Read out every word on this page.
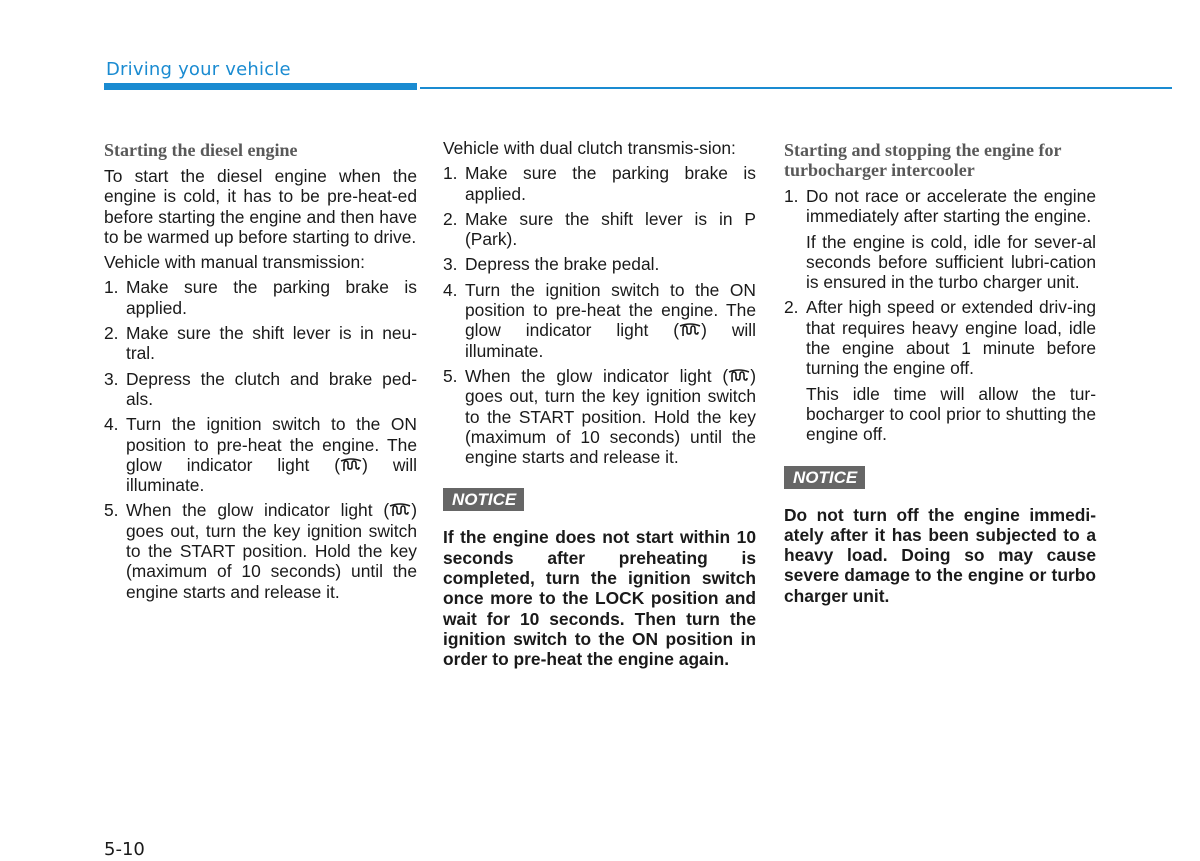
Driving your vehicle
Starting the diesel engine

To start the diesel engine when the engine is cold, it has to be pre-heat-ed before starting the engine and then have to be warmed up before starting to drive.

Vehicle with manual transmission:
1. Make sure the parking brake is applied.
2. Make sure the shift lever is in neu-tral.
3. Depress the clutch and brake ped-als.
4. Turn the ignition switch to the ON position to pre-heat the engine. The glow indicator light ( ) will illuminate.
5. When the glow indicator light ( ) goes out, turn the key ignition switch to the START position. Hold the key (maximum of 10 seconds) until the engine starts and release it.
Vehicle with dual clutch transmis-sion:
1. Make sure the parking brake is applied.
2. Make sure the shift lever is in P (Park).
3. Depress the brake pedal.
4. Turn the ignition switch to the ON position to pre-heat the engine. The glow indicator light ( ) will illuminate.
5. When the glow indicator light ( ) goes out, turn the key ignition switch to the START position. Hold the key (maximum of 10 seconds) until the engine starts and release it.
NOTICE
If the engine does not start within 10 seconds after preheating is completed, turn the ignition switch once more to the LOCK position and wait for 10 seconds. Then turn the ignition switch to the ON position in order to pre-heat the engine again.
Starting and stopping the engine for turbocharger intercooler
1. Do not race or accelerate the engine immediately after starting the engine.
If the engine is cold, idle for sever-al seconds before sufficient lubri-cation is ensured in the turbo charger unit.
2. After high speed or extended driv-ing that requires heavy engine load, idle the engine about 1 minute before turning the engine off.
This idle time will allow the tur-bocharger to cool prior to shutting the engine off.
NOTICE
Do not turn off the engine immedi-ately after it has been subjected to a heavy load. Doing so may cause severe damage to the engine or turbo charger unit.
5-10
